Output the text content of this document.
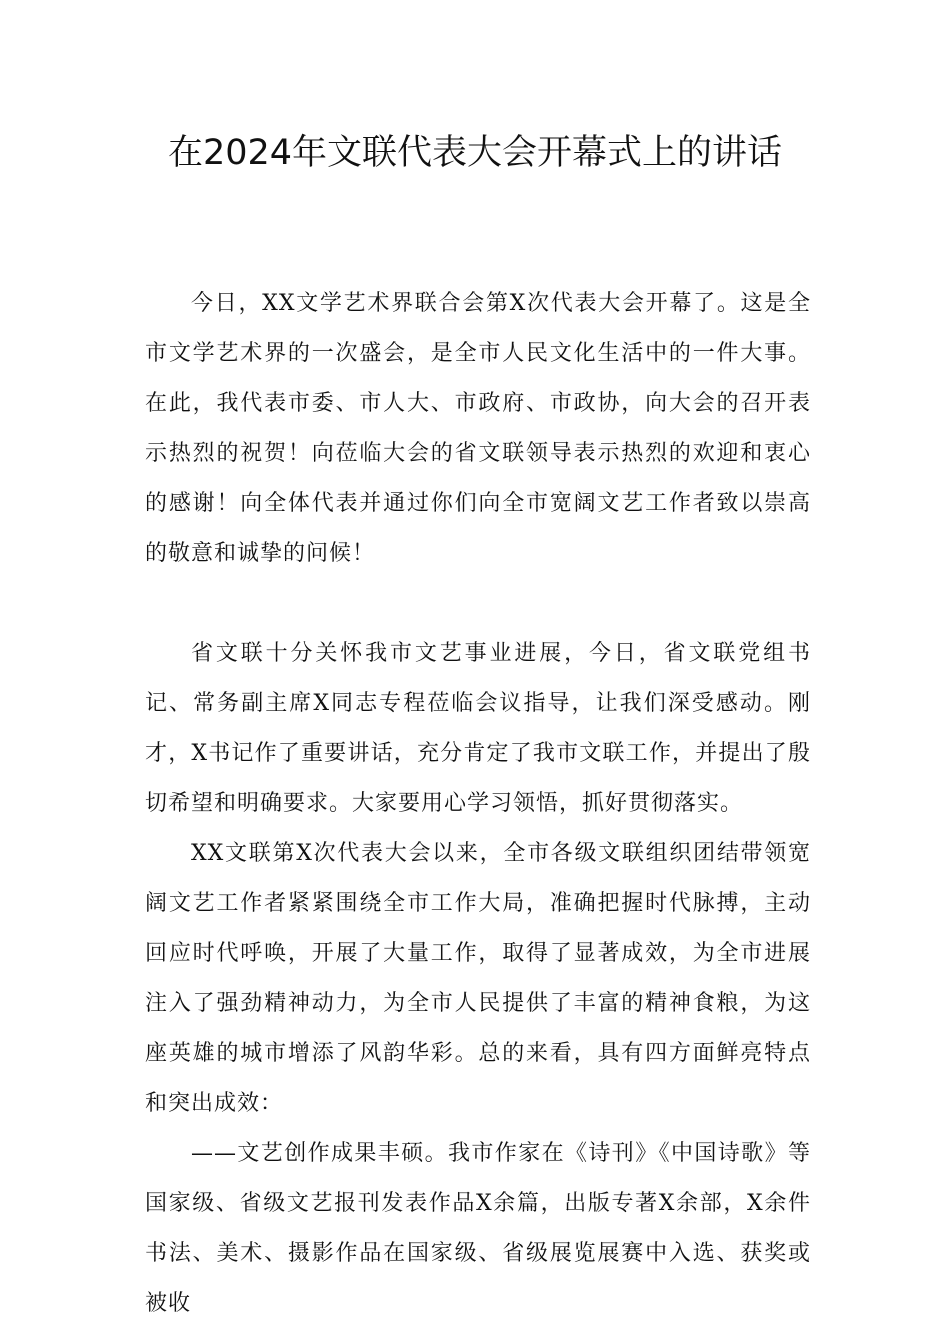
在2024年文联代表大会开幕式上的讲话

今日，XX文学艺术界联合会第X次代表大会开幕了。这是全市文学艺术界的一次盛会，是全市人民文化生活中的一件大事。在此，我代表市委、市人大、市政府、市政协，向大会的召开表示热烈的祝贺！向莅临大会的省文联领导表示热烈的欢迎和衷心的感谢！向全体代表并通过你们向全市宽阔文艺工作者致以崇高的敬意和诚挚的问候！

省文联十分关怀我市文艺事业进展，今日，省文联党组书记、常务副主席X同志专程莅临会议指导，让我们深受感动。刚才，X书记作了重要讲话，充分肯定了我市文联工作，并提出了殷切希望和明确要求。大家要用心学习领悟，抓好贯彻落实。

XX文联第X次代表大会以来，全市各级文联组织团结带领宽阔文艺工作者紧紧围绕全市工作大局，准确把握时代脉搏，主动回应时代呼唤，开展了大量工作，取得了显著成效，为全市进展注入了强劲精神动力，为全市人民提供了丰富的精神食粮，为这座英雄的城市增添了风韵华彩。总的来看，具有四方面鲜亮特点和突出成效：

——文艺创作成果丰硕。我市作家在《诗刊》《中国诗歌》等国家级、省级文艺报刊发表作品X余篇，出版专著X余部，X余件书法、美术、摄影作品在国家级、省级展览展赛中入选、获奖或被收
